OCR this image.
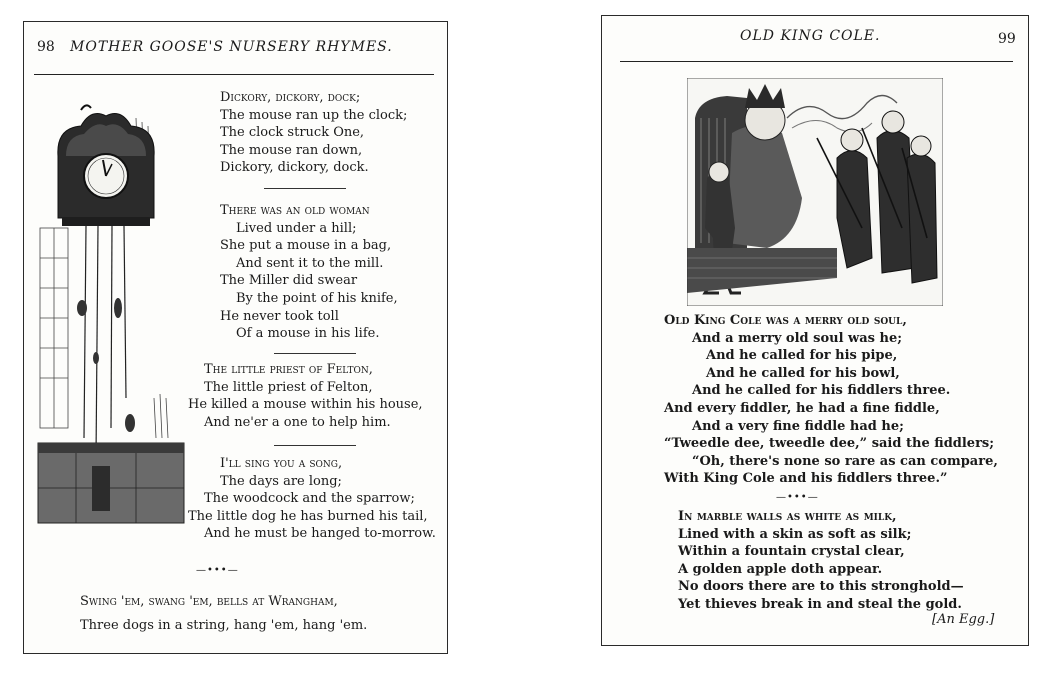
98 MOTHER GOOSE'S NURSERY RHYMES.
Dickory, dickory, dock;
The mouse ran up the clock;
The clock struck One,
The mouse ran down,
Dickory, dickory, dock.
There was an old woman
Lived under a hill;
She put a mouse in a bag,
And sent it to the mill.
The Miller did swear
By the point of his knife,
He never took toll
Of a mouse in his life.
The little priest of Felton,
The little priest of Felton,
He killed a mouse within his house,
And ne'er a one to help him.
I'll sing you a song,
The days are long;
The woodcock and the sparrow;
The little dog he has burned his tail,
And he must be hanged to-morrow.
—•••—
Swing 'em, swang 'em, bells at Wrangham,
Three dogs in a string, hang 'em, hang 'em.
OLD KING COLE.	99
Old King Cole was a merry old soul,
And a merry old soul was he;
And he called for his pipe,
And he called for his bowl,
And he called for his fiddlers three.
And every fiddler, he had a fine fiddle,
And a very fine fiddle had he;
“Tweedle dee, tweedle dee,” said the fiddlers;
“Oh, there's none so rare as can compare,
With King Cole and his fiddlers three.”
—•••—
In marble walls as white as milk,
Lined with a skin as soft as silk;
Within a fountain crystal clear,
A golden apple doth appear.
No doors there are to this stronghold—
Yet thieves break in and steal the gold.
[An Egg.]
